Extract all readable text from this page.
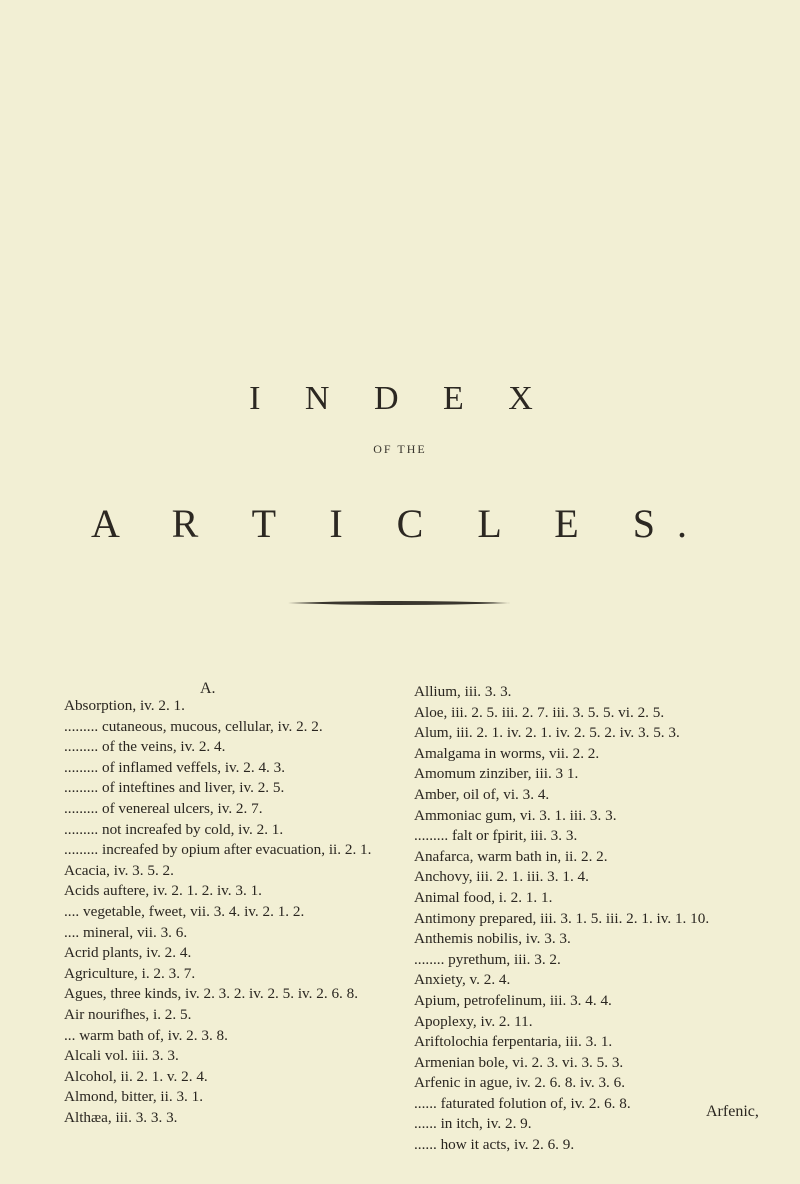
I N D E X
OF THE
A R T I C L E S.
A.

Absorption, iv. 2. 1.

......... cutaneous, mucous, cellular, iv. 2. 2.

......... of the veins, iv. 2. 4.

......... of inflamed veffels, iv. 2. 4. 3.

......... of inteftines and liver, iv. 2. 5.

......... of venereal ulcers, iv. 2. 7.

......... not increafed by cold, iv. 2. 1.

......... increafed by opium after evacuation, ii. 2. 1.

Acacia, iv. 3. 5. 2.

Acids auftere, iv. 2. 1. 2. iv. 3. 1.

.... vegetable, fweet, vii. 3. 4. iv. 2. 1. 2.

.... mineral, vii. 3. 6.

Acrid plants, iv. 2. 4.

Agriculture, i. 2. 3. 7.

Agues, three kinds, iv. 2. 3. 2. iv. 2. 5. iv. 2. 6. 8.

Air nourifhes, i. 2. 5.

... warm bath of, iv. 2. 3. 8.

Alcali vol. iii. 3. 3.

Alcohol, ii. 2. 1. v. 2. 4.

Almond, bitter, ii. 3. 1.

Althæa, iii. 3. 3. 3.

Allium, iii. 3. 3.

Aloe, iii. 2. 5. iii. 2. 7. iii. 3. 5. 5. vi. 2. 5.

Alum, iii. 2. 1. iv. 2. 1. iv. 2. 5. 2. iv. 3. 5. 3.

Amalgama in worms, vii. 2. 2.

Amomum zinziber, iii. 3 1.

Amber, oil of, vi. 3. 4.

Ammoniac gum, vi. 3. 1. iii. 3. 3.

......... falt or fpirit, iii. 3. 3.

Anafarca, warm bath in, ii. 2. 2.

Anchovy, iii. 2. 1. iii. 3. 1. 4.

Animal food, i. 2. 1. 1.

Antimony prepared, iii. 3. 1. 5. iii. 2. 1. iv. 1. 10.

Anthemis nobilis, iv. 3. 3.

........ pyrethum, iii. 3. 2.

Anxiety, v. 2. 4.

Apium, petrofelinum, iii. 3. 4. 4.

Apoplexy, iv. 2. 11.

Ariftolochia ferpentaria, iii. 3. 1.

Armenian bole, vi. 2. 3. vi. 3. 5. 3.

Arfenic in ague, iv. 2. 6. 8. iv. 3. 6.

...... faturated folution of, iv. 2. 6. 8.

...... in itch, iv. 2. 9.

...... how it acts, iv. 2. 6. 9.

Arfenic,
